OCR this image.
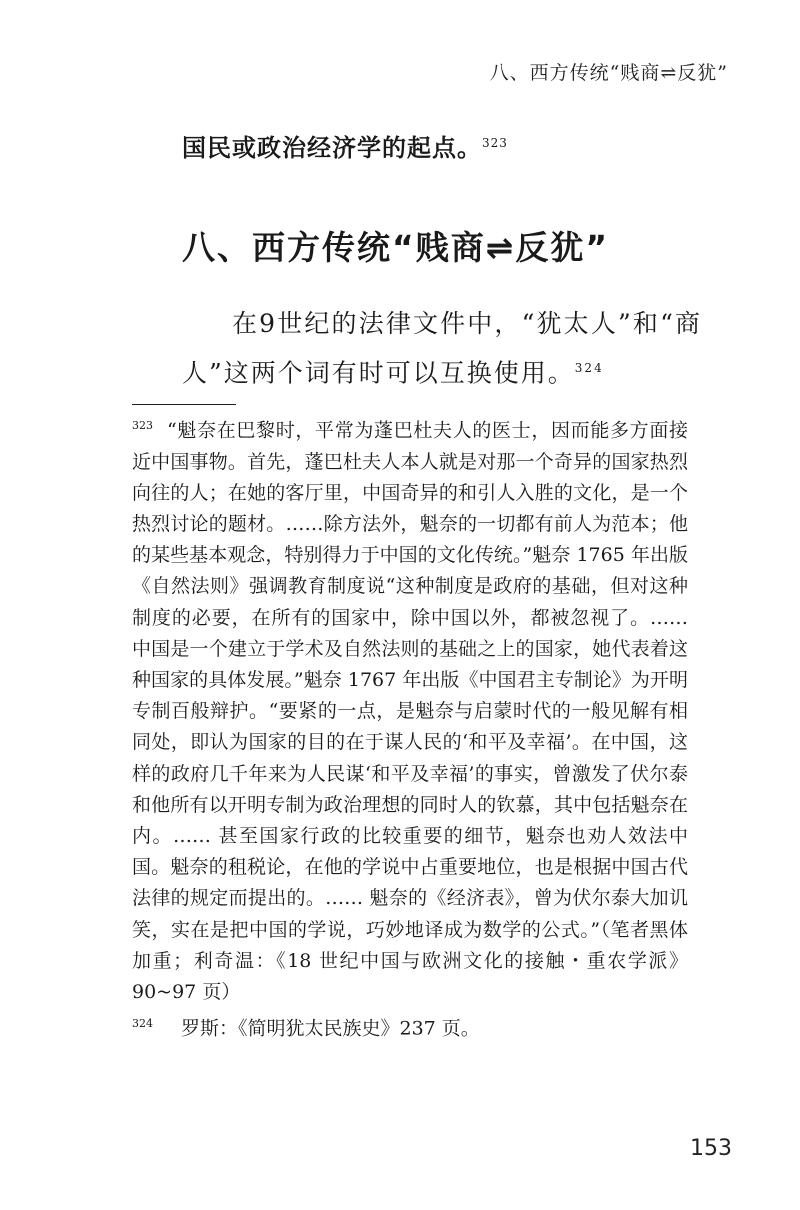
八、西方传统“贱商⇌反犹”
国民或政治经济学的起点。$^{323}$
八、西方传统“贱商⇌反犹”
在9世纪的法律文件中，“犹太人”和“商人”这两个词有时可以互换使用。$^{324}$

$^{323}$ “魁奈在巴黎时，平常为蓬巴杜夫人的医士，因而能多方面接近中国事物。首先，蓬巴杜夫人本人就是对那一个奇异的国家热烈向往的人；在她的客厅里，中国奇异的和引人入胜的文化，是一个热烈讨论的题材。……除方法外，魁奈的一切都有前人为范本；他的某些基本观念，特别得力于中国的文化传统。”魁奈 1765 年出版《自然法则》强调教育制度说“这种制度是政府的基础，但对这种制度的必要，在所有的国家中，除中国以外，都被忽视了。…… 中国是一个建立于学术及自然法则的基础之上的国家，她代表着这种国家的具体发展。”魁奈 1767 年出版《中国君主专制论》为开明专制百般辩护。“要紧的一点，是魁奈与启蒙时代的一般见解有相同处，即认为国家的目的在于谋人民的‘和平及幸福’。在中国，这样的政府几千年来为人民谋‘和平及幸福’的事实，曾激发了伏尔泰和他所有以开明专制为政治理想的同时人的钦慕，其中包括魁奈在内。…… 甚至国家行政的比较重要的细节，魁奈也劝人效法中国。魁奈的租税论，在他的学说中占重要地位，也是根据中国古代法律的规定而提出的。…… 魁奈的《经济表》，曾为伏尔泰大加讥笑，实在是把中国的学说，巧妙地译成为数学的公式。”（笔者黑体加重；利奇温：《18 世纪中国与欧洲文化的接触・重农学派》90~97 页）

$^{324}$ 罗斯：《简明犹太民族史》237 页。

153
